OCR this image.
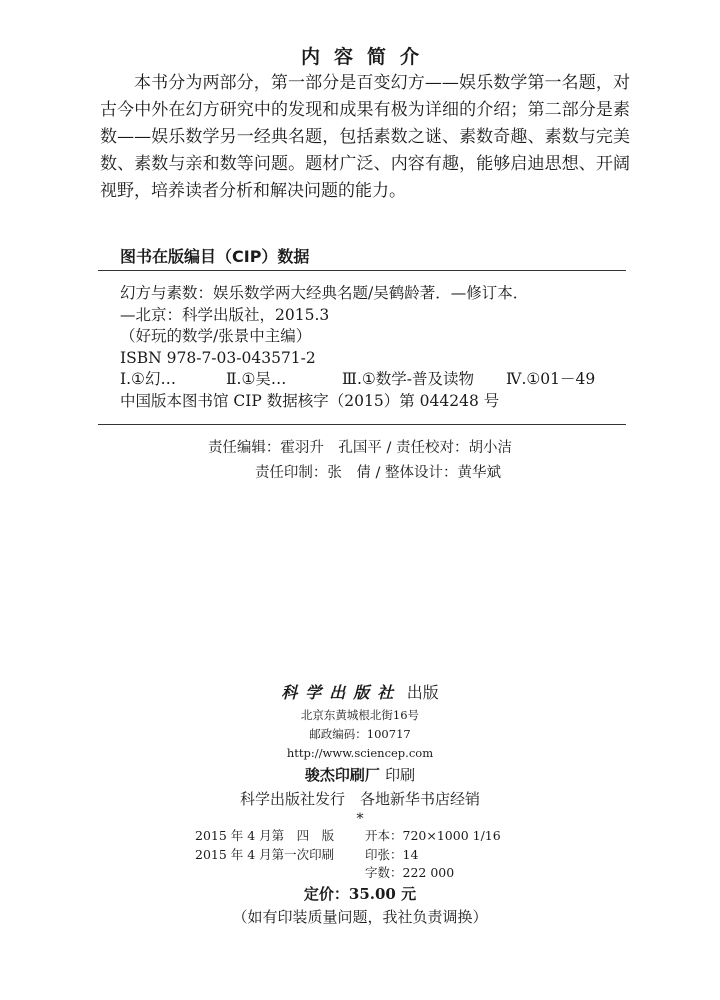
内容简介

本书分为两部分，第一部分是百变幻方——娱乐数学第一名题，对古今中外在幻方研究中的发现和成果有极为详细的介绍；第二部分是素数——娱乐数学另一经典名题，包括素数之谜、素数奇趣、素数与完美数、素数与亲和数等问题。题材广泛、内容有趣，能够启迪思想、开阔视野，培养读者分析和解决问题的能力。

图书在版编目（CIP）数据
幻方与素数：娱乐数学两大经典名题/吴鹤龄著．—修订本．
—北京：科学出版社，2015.3
（好玩的数学/张景中主编）
ISBN 978-7-03-043571-2
Ⅰ.①幻…	Ⅱ.①吴…	Ⅲ.①数学-普及读物 Ⅳ.①01－49
中国版本图书馆 CIP 数据核字（2015）第 044248 号
责任编辑：霍羽升　孔国平 / 责任校对：胡小洁
责任印制：张　倩 / 整体设计：黄华斌
科学出版社 出版
北京东黄城根北街16号
邮政编码：100717
http://www.sciencep.com
骏杰印刷厂 印刷
科学出版社发行　各地新华书店经销
*
2015 年 4 月第　四　版	开本：720×1000 1/16
2015 年 4 月第一次印刷	印张：14
字数：222 000
定价：35.00 元
（如有印装质量问题，我社负责调换）
